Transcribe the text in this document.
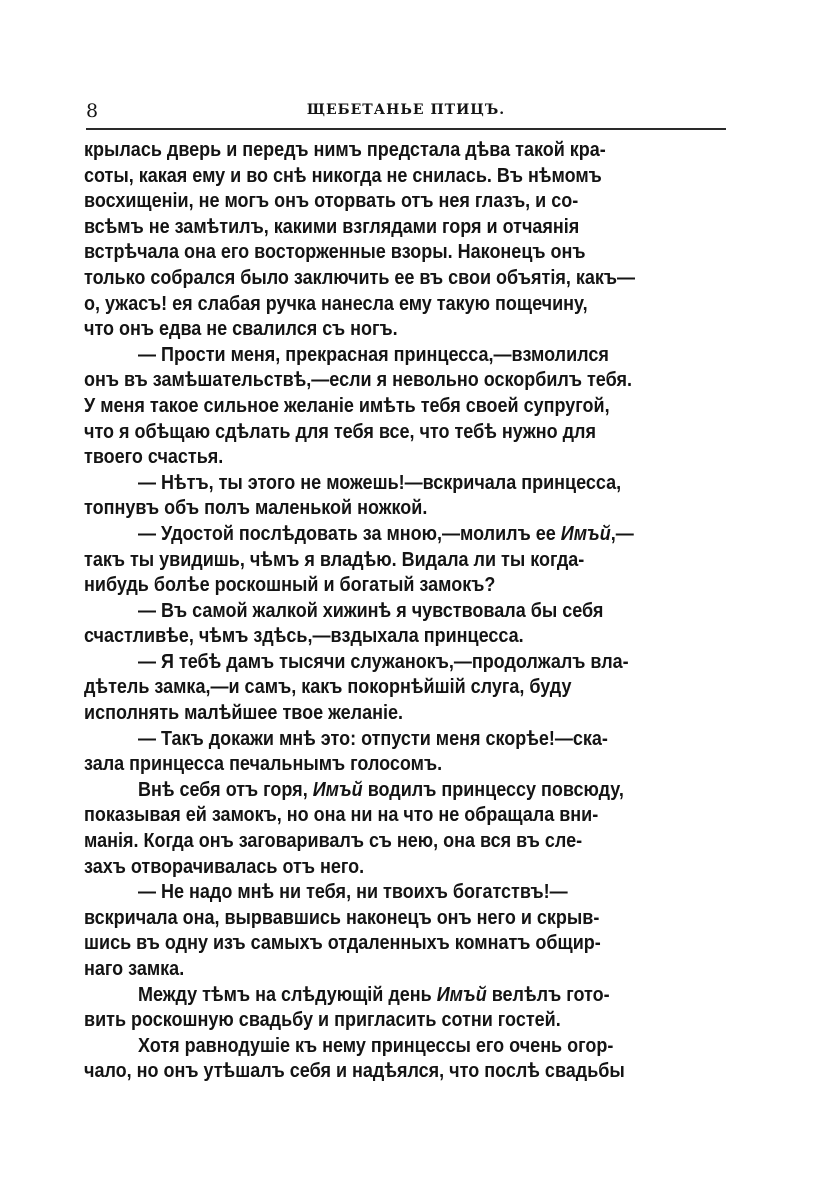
8	ЩЕБЕТАНЬЕ ПТИЦЪ.
крылась дверь и передъ нимъ предстала дѣва такой кра-
соты, какая ему и во снѣ никогда не снилась. Въ нѣмомъ
восхищеніи, не могъ онъ оторвать отъ нея глазъ, и со-
всѣмъ не замѣтилъ, какими взглядами горя и отчаянія
встрѣчала она его восторженные взоры. Наконецъ онъ
только собрался было заключить ее въ свои объятія, какъ—
о, ужасъ! ея слабая ручка нанесла ему такую пощечину,
что онъ едва не свалился съ ногъ.
— Прости меня, прекрасная принцесса,—взмолился
онъ въ замѣшательствѣ,—если я невольно оскорбилъ тебя.
У меня такое сильное желаніе имѣть тебя своей супругой,
что я обѣщаю сдѣлать для тебя все, что тебѣ нужно для
твоего счастья.
— Нѣтъ, ты этого не можешь!—вскричала принцесса,
топнувъ объ полъ маленькой ножкой.
— Удостой послѣдовать за мною,—молилъ ее Имъй,—
такъ ты увидишь, чѣмъ я владѣю. Видала ли ты когда-
нибудь болѣе роскошный и богатый замокъ?
— Въ самой жалкой хижинѣ я чувствовала бы себя
счастливѣе, чѣмъ здѣсь,—вздыхала принцесса.
— Я тебѣ дамъ тысячи служанокъ,—продолжалъ вла-
дѣтель замка,—и самъ, какъ покорнѣйшій слуга, буду
исполнять малѣйшее твое желаніе.
— Такъ докажи мнѣ это: отпусти меня скорѣе!—ска-
зала принцесса печальнымъ голосомъ.
Внѣ себя отъ горя, Имъй водилъ принцессу повсюду,
показывая ей замокъ, но она ни на что не обращала вни-
манія. Когда онъ заговаривалъ съ нею, она вся въ сле-
захъ отворачивалась отъ него.
— Не надо мнѣ ни тебя, ни твоихъ богатствъ!—
вскричала она, вырвавшись наконецъ онъ него и скрыв-
шись въ одну изъ самыхъ отдаленныхъ комнатъ общир-
наго замка.
Между тѣмъ на слѣдующій день Имъй велѣлъ гото-
вить роскошную свадьбу и пригласить сотни гостей.
Хотя равнодушіе къ нему принцессы его очень огор-
чало, но онъ утѣшалъ себя и надѣялся, что послѣ свадьбы
